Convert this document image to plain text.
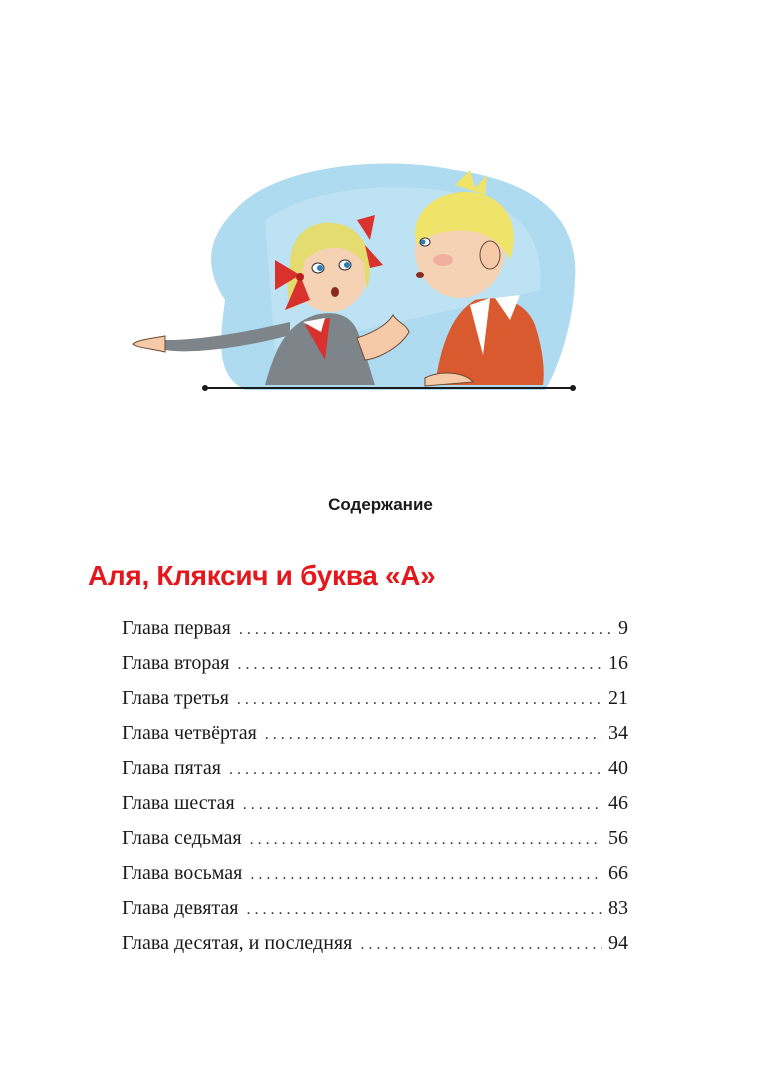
Содержание
Аля, Кляксич и буква «А»
Глава первая . . .	9
Глава вторая . . .	16
Глава третья . . .	21
Глава четвёртая . . .	34
Глава пятая . . .	40
Глава шестая . . .	46
Глава седьмая . . .	56
Глава восьмая . . .	66
Глава девятая . . .	83
Глава десятая, и последняя . . .	94
